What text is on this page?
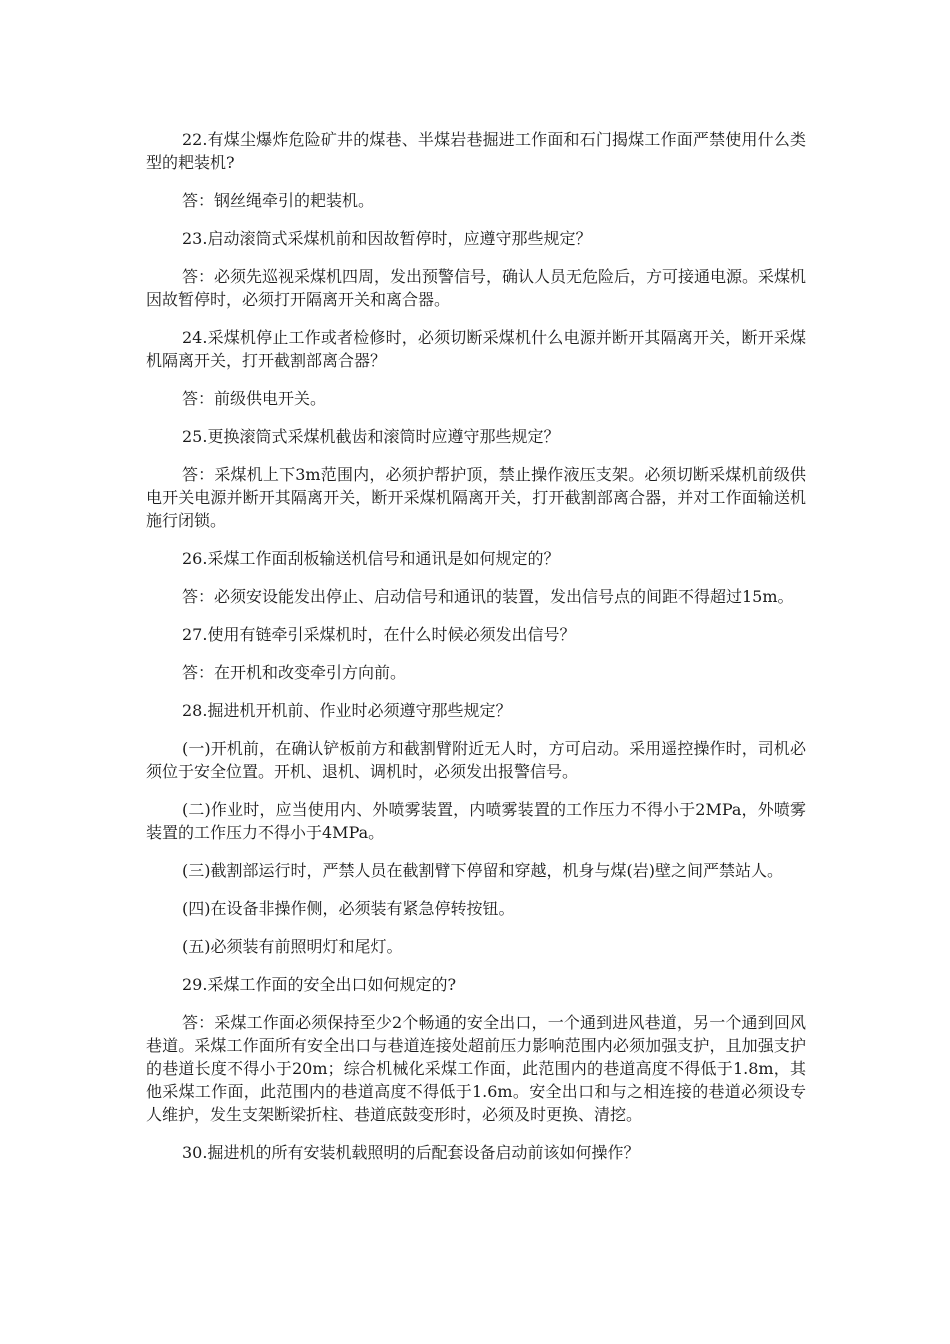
22.有煤尘爆炸危险矿井的煤巷、半煤岩巷掘进工作面和石门揭煤工作面严禁使用什么类型的耙装机?

答：钢丝绳牵引的耙装机。

23.启动滚筒式采煤机前和因故暂停时，应遵守那些规定？

答：必须先巡视采煤机四周，发出预警信号，确认人员无危险后，方可接通电源。采煤机因故暂停时，必须打开隔离开关和离合器。

24.采煤机停止工作或者检修时，必须切断采煤机什么电源并断开其隔离开关，断开采煤机隔离开关，打开截割部离合器？

答：前级供电开关。

25.更换滚筒式采煤机截齿和滚筒时应遵守那些规定？

答：采煤机上下3m范围内，必须护帮护顶，禁止操作液压支架。必须切断采煤机前级供电开关电源并断开其隔离开关，断开采煤机隔离开关，打开截割部离合器，并对工作面输送机施行闭锁。

26.采煤工作面刮板输送机信号和通讯是如何规定的？

答：必须安设能发出停止、启动信号和通讯的装置，发出信号点的间距不得超过15m。

27.使用有链牵引采煤机时，在什么时候必须发出信号？

答：在开机和改变牵引方向前。

28.掘进机开机前、作业时必须遵守那些规定？

(一)开机前，在确认铲板前方和截割臂附近无人时，方可启动。采用遥控操作时，司机必须位于安全位置。开机、退机、调机时，必须发出报警信号。

(二)作业时，应当使用内、外喷雾装置，内喷雾装置的工作压力不得小于2MPa，外喷雾装置的工作压力不得小于4MPa。

(三)截割部运行时，严禁人员在截割臂下停留和穿越，机身与煤(岩)壁之间严禁站人。

(四)在设备非操作侧，必须装有紧急停转按钮。

(五)必须装有前照明灯和尾灯。

29.采煤工作面的安全出口如何规定的?

答：采煤工作面必须保持至少2个畅通的安全出口，一个通到进风巷道，另一个通到回风巷道。采煤工作面所有安全出口与巷道连接处超前压力影响范围内必须加强支护，且加强支护的巷道长度不得小于20m；综合机械化采煤工作面，此范围内的巷道高度不得低于1.8m，其他采煤工作面，此范围内的巷道高度不得低于1.6m。安全出口和与之相连接的巷道必须设专人维护，发生支架断梁折柱、巷道底鼓变形时，必须及时更换、清挖。

30.掘进机的所有安装机载照明的后配套设备启动前该如何操作？
